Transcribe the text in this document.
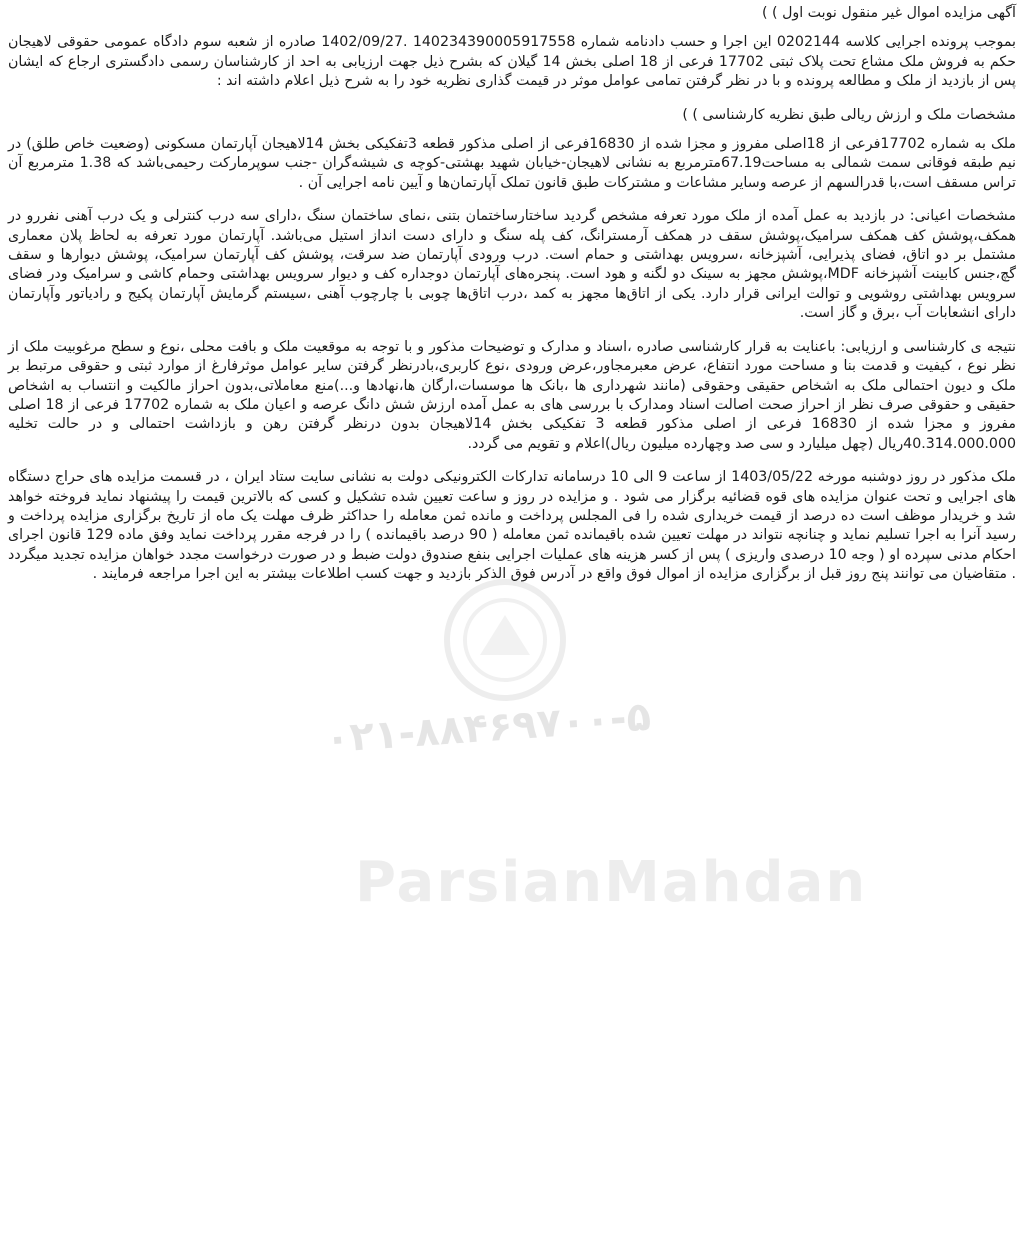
آگهی مزایده اموال غیر منقول نوبت اول ) )

بموجب پرونده اجرایی کلاسه 0202144 این اجرا و حسب دادنامه شماره 140234390005917558 .1402/09/27 صادره از شعبه سوم دادگاه عمومی حقوقی لاهیجان حکم به فروش ملک مشاع تحت پلاک ثبتی 17702 فرعی از 18 اصلی بخش 14 گیلان که بشرح ذیل جهت ارزیابی به احد از کارشناسان رسمی دادگستری ارجاع که ایشان پس از بازدید از ملک و مطالعه پرونده و با در نظر گرفتن تمامی عوامل موثر در قیمت گذاری نظریه خود را به شرح ذیل اعلام داشته اند :

مشخصات ملک و ارزش ریالی طبق نظریه کارشناسی ) )

ملک به شماره 17702فرعی از 18اصلی مفروز و مجزا شده از 16830فرعی از اصلی مذکور قطعه 3تفکیکی بخش 14لاهیجان آپارتمان مسکونی (وضعیت خاص طلق) در نیم طبقه فوقانی سمت شمالی به مساحت67.19مترمربع به نشانی لاهیجان-خیابان شهید بهشتی-کوچه ی شیشه‌گران -جنب سوپرمارکت رحیمی‌باشد که 1.38 مترمربع آن تراس مسقف است،با قدرالسهم از عرصه وسایر مشاعات و مشترکات طبق قانون تملک آپارتمان‌ها و آیین نامه اجرایی آن .

مشخصات اعیانی: در بازدید به عمل آمده از ملک مورد تعرفه مشخص گردید ساختارساختمان بتنی ،نمای ساختمان سنگ ،دارای سه درب کنترلی و یک درب آهنی نفررو در همکف،پوشش کف همکف سرامیک،پوشش سقف در همکف آرمسترانگ، کف پله سنگ و دارای دست انداز استیل می‌باشد. آپارتمان مورد تعرفه به لحاظ پلان معماری مشتمل بر دو اتاق، فضای پذیرایی، آشپزخانه ،سرویس بهداشتی و حمام است. درب ورودی آپارتمان ضد سرقت، پوشش کف آپارتمان سرامیک، پوشش دیوارها و سقف گچ،جنس کابینت آشپزخانه MDF،پوشش مجهز به سینک دو لگنه و هود است. پنجره‌های آپارتمان دوجداره کف و دیوار سرویس بهداشتی وحمام کاشی و سرامیک ودر فضای سرویس بهداشتی روشویی و توالت ایرانی قرار دارد. یکی از اتاق‌ها مجهز به کمد ،درب اتاق‌ها چوبی با چارچوب آهنی ،سیستم گرمایش آپارتمان پکیج و رادیاتور وآپارتمان دارای انشعابات آب ،برق و گاز است.

نتیجه ی کارشناسی و ارزیابی: باعنایت به قرار کارشناسی صادره ،اسناد و مدارک و توضیحات مذکور و با توجه به موقعیت ملک و بافت محلی ،نوع و سطح مرغوبیت ملک از نظر نوع ، کیفیت و قدمت بنا و مساحت مورد انتفاع، عرض معبرمجاور،عرض ورودی ،نوع کاربری،بادرنظر گرفتن سایر عوامل موثرفارغ از موارد ثبتی و حقوقی مرتبط بر ملک و دیون احتمالی ملک به اشخاص حقیقی وحقوقی (مانند شهرداری ها ،بانک ها موسسات،ارگان ها،نهادها و...)منع معاملاتی،بدون احراز مالکیت و انتساب به اشخاص حقیقی و حقوقی صرف نظر از احراز صحت اصالت اسناد ومدارک با بررسی های به عمل آمده ارزش شش دانگ عرصه و اعیان ملک به شماره 17702 فرعی از 18 اصلی مفروز و مجزا شده از 16830 فرعی از اصلی مذکور قطعه 3 تفکیکی بخش 14لاهیجان بدون درنظر گرفتن رهن و بازداشت احتمالی و در حالت تخلیه 40.314.000.000ریال (چهل میلیارد و سی صد وچهارده میلیون ریال)اعلام و تقویم می گردد.

ملک مذکور در روز دوشنبه مورخه 1403/05/22 از ساعت 9 الی 10 درسامانه تدارکات الکترونیکی دولت به نشانی سایت ستاد ایران ، در قسمت مزایده های حراج دستگاه های اجرایی و تحت عنوان مزایده های قوه قضائیه برگزار می شود . و مزایده در روز و ساعت تعیین شده تشکیل و کسی که بالاترین قیمت را پیشنهاد نماید فروخته خواهد شد و خریدار موظف است ده درصد از قیمت خریداری شده را فی المجلس پرداخت و مانده ثمن معامله را حداکثر ظرف مهلت یک ماه از تاریخ برگزاری مزایده پرداخت و رسید آنرا به اجرا تسلیم نماید و چنانچه نتواند در مهلت تعیین شده باقیمانده ثمن معامله ( 90 درصد باقیمانده ) را در فرجه مقرر پرداخت نماید وفق ماده 129 قانون اجرای احکام مدنی سپرده او ( وجه 10 درصدی واریزی ) پس از کسر هزینه های عملیات اجرایی بنفع صندوق دولت ضبط و در صورت درخواست مجدد خواهان مزایده تجدید میگردد . متقاضیان می توانند پنج روز قبل از برگزاری مزایده از اموال فوق واقع در آدرس فوق الذکر بازدید و جهت کسب اطلاعات بیشتر به این اجرا مراجعه فرمایند .

۰۲۱-۸۸۴۶۹۷۰۰-۵
ParsianMahdan
